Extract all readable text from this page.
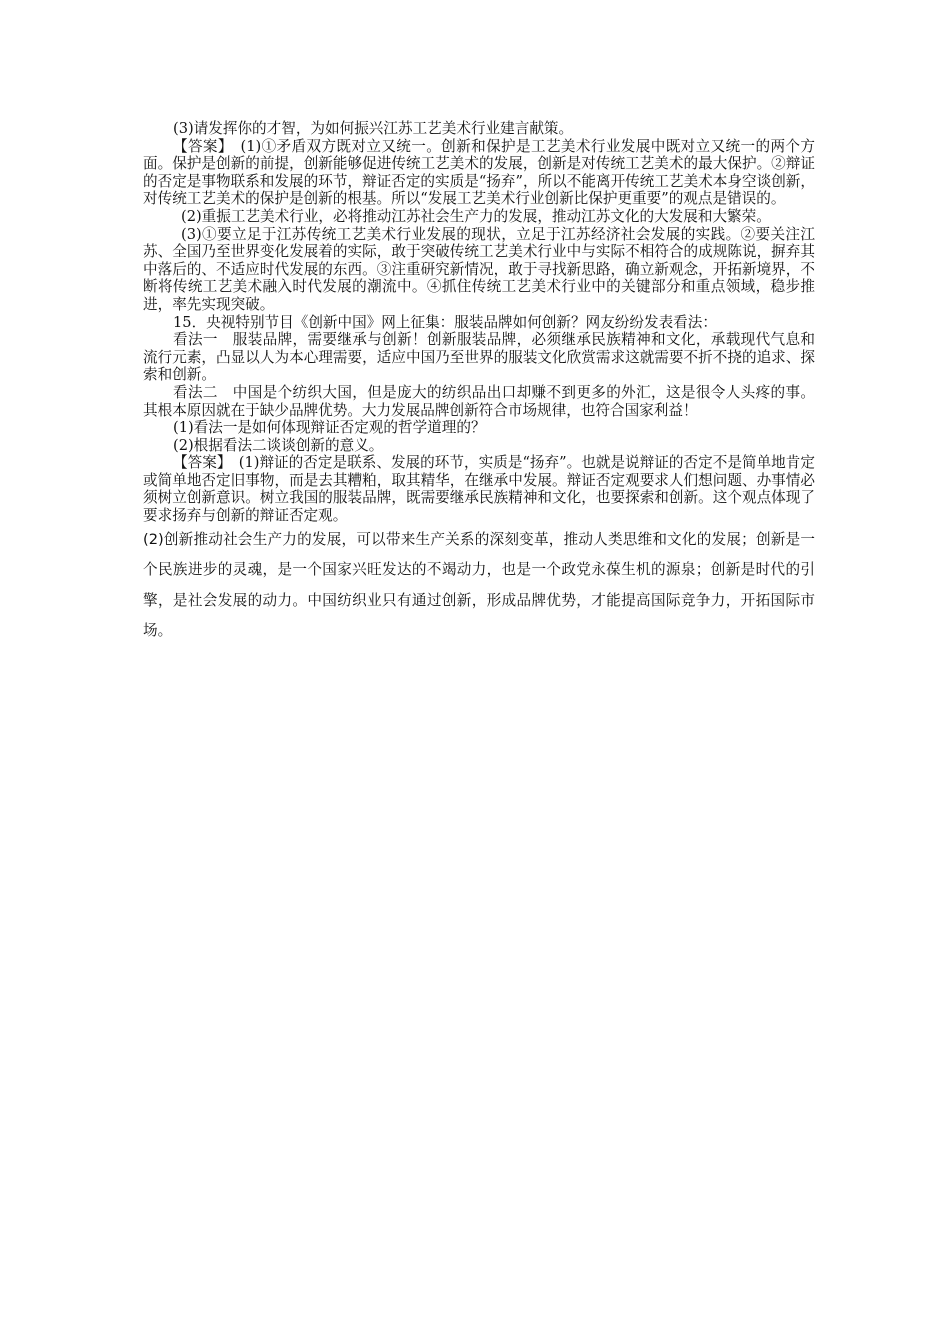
(3)请发挥你的才智，为如何振兴江苏工艺美术行业建言献策。

【答案】　(1)①矛盾双方既对立又统一。创新和保护是工艺美术行业发展中既对立又统一的两个方面。保护是创新的前提，创新能够促进传统工艺美术的发展，创新是对传统工艺美术的最大保护。②辩证的否定是事物联系和发展的环节，辩证否定的实质是“扬弃”，所以不能离开传统工艺美术本身空谈创新，对传统工艺美术的保护是创新的根基。所以“发展工艺美术行业创新比保护更重要”的观点是错误的。

(2)重振工艺美术行业，必将推动江苏社会生产力的发展，推动江苏文化的大发展和大繁荣。

(3)①要立足于江苏传统工艺美术行业发展的现状，立足于江苏经济社会发展的实践。②要关注江苏、全国乃至世界变化发展着的实际，敢于突破传统工艺美术行业中与实际不相符合的成规陈说，摒弃其中落后的、不适应时代发展的东西。③注重研究新情况，敢于寻找新思路，确立新观念，开拓新境界，不断将传统工艺美术融入时代发展的潮流中。④抓住传统工艺美术行业中的关键部分和重点领域，稳步推进，率先实现突破。

15．央视特别节目《创新中国》网上征集：服装品牌如何创新？网友纷纷发表看法：

看法一　服装品牌，需要继承与创新！创新服装品牌，必须继承民族精神和文化，承载现代气息和流行元素，凸显以人为本心理需要，适应中国乃至世界的服装文化欣赏需求这就需要不折不挠的追求、探索和创新。

看法二　中国是个纺织大国，但是庞大的纺织品出口却赚不到更多的外汇，这是很令人头疼的事。其根本原因就在于缺少品牌优势。大力发展品牌创新符合市场规律，也符合国家利益！

(1)看法一是如何体现辩证否定观的哲学道理的？

(2)根据看法二谈谈创新的意义。

【答案】　(1)辩证的否定是联系、发展的环节，实质是“扬弃”。也就是说辩证的否定不是简单地肯定或简单地否定旧事物，而是去其糟粕，取其精华，在继承中发展。辩证否定观要求人们想问题、办事情必须树立创新意识。树立我国的服装品牌，既需要继承民族精神和文化，也要探索和创新。这个观点体现了要求扬弃与创新的辩证否定观。

(2)创新推动社会生产力的发展，可以带来生产关系的深刻变革，推动人类思维和文化的发展；创新是一个民族进步的灵魂，是一个国家兴旺发达的不竭动力，也是一个政党永葆生机的源泉；创新是时代的引擎，是社会发展的动力。中国纺织业只有通过创新，形成品牌优势，才能提高国际竞争力，开拓国际市场。
